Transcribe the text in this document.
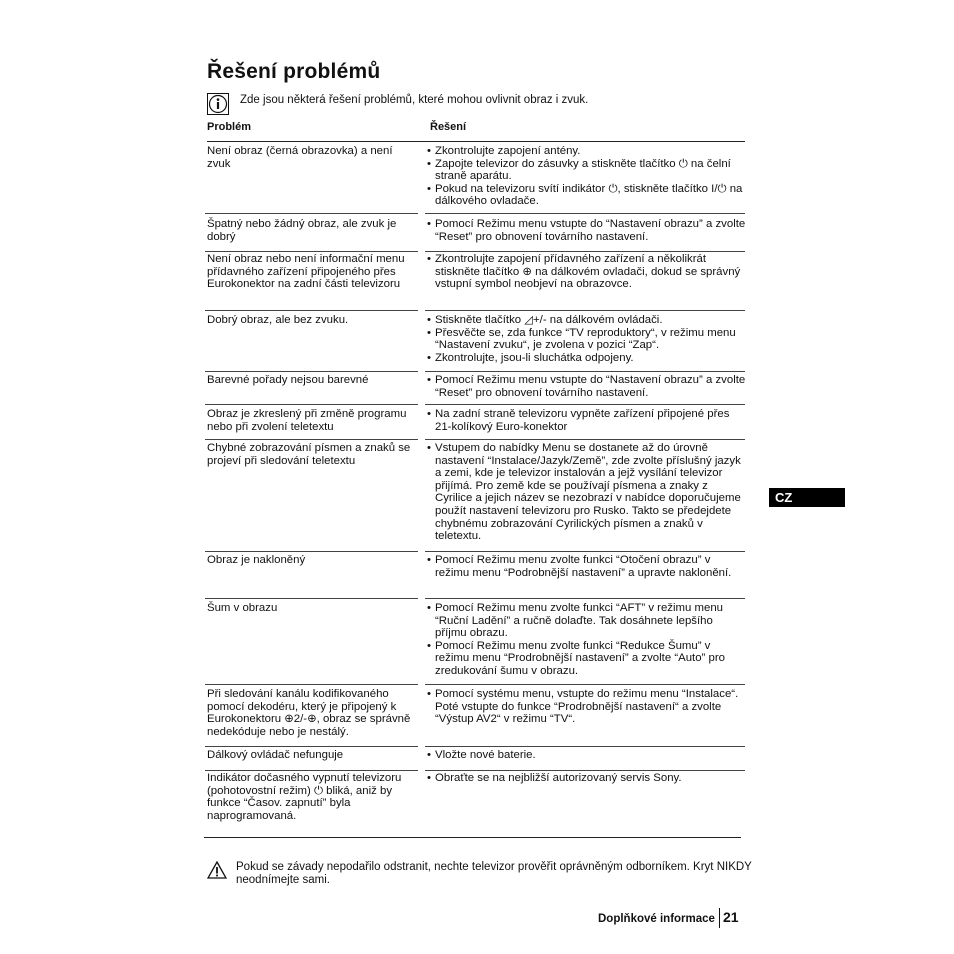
Řešení problémů
Zde jsou některá řešení problémů, které mohou ovlivnit obraz i zvuk.
Problém	Řešení
Není obraz (černá obrazovka) a není zvuk
• Zkontrolujte zapojení antény.
• Zapojte televizor do zásuvky a stiskněte tlačítko ⏻ na čelní straně aparátu.
• Pokud na televizoru svítí indikátor ⏻, stiskněte tlačítko I/⏻ na dálkového ovladače.
Špatný nebo žádný obraz, ale zvuk je dobrý
• Pomocí Režimu menu vstupte do “Nastavení obrazu” a zvolte “Reset” pro obnovení továrního nastavení.
Není obraz nebo není informační menu přídavného zařízení připojeného přes Eurokonektor na zadní části televizoru
• Zkontrolujte zapojení přídavného zařízení a několikrát stiskněte tlačítko ⊕ na dálkovém ovladači, dokud se správný vstupní symbol neobjeví na obrazovce.
Dobrý obraz, ale bez zvuku.	• Stiskněte tlačítko ◿+/- na dálkovém ovládači.
• Přesvěčte se, zda funkce “TV reproduktory“, v režimu menu “Nastavení zvuku“, je zvolena v pozici “Zap“.
• Zkontrolujte, jsou-li sluchátka odpojeny.
Barevné pořady nejsou barevné	• Pomocí Režimu menu vstupte do “Nastavení obrazu” a zvolte “Reset” pro obnovení továrního nastavení.
Obraz je zkreslený při změně programu nebo při zvolení teletextu
• Na zadní straně televizoru vypněte zařízení připojené přes 21-kolíkový Euro-konektor
Chybné zobrazování písmen a znaků se projeví při sledování teletextu
• Vstupem do nabídky Menu se dostanete až do úrovně nastavení “Instalace/Jazyk/Země”, zde zvolte příslušný jazyk a zemi, kde je televizor instalován a jejž vysílání televizor přijímá. Pro země kde se používají písmena a znaky z Cyrilice a jejich název se nezobrazí v nabídce doporučujeme použít nastavení televizoru pro Rusko. Takto se předejdete chybnému zobrazování Cyrilických písmen a znaků v teletextu.
Obraz je nakloněný	• Pomocí Režimu menu zvolte funkci “Otočení obrazu” v režimu menu “Podrobnější nastavení” a upravte naklonění.
Šum v obrazu	• Pomocí Režimu menu zvolte funkci “AFT” v režimu menu “Ruční Ladění” a ručně dolaďte. Tak dosáhnete lepšího příjmu obrazu.
• Pomocí Režimu menu zvolte funkci “Redukce Šumu” v režimu menu “Prodrobnější nastavení” a zvolte “Auto” pro zredukování šumu v obrazu.
Při sledování kanálu kodifikovaného pomocí dekodéru, který je připojený k Eurokonektoru ⊕2/-⊕, obraz se správně nedekóduje nebo je nestálý.
• Pomocí systému menu, vstupte do režimu menu “Instalace“. Poté vstupte do funkce “Prodrobnější nastavení“ a zvolte “Výstup AV2“ v režimu “TV“.
Dálkový ovládač nefunguje	• Vložte nové baterie.
Indikátor dočasného vypnutí televizoru (pohotovostní režim) ⏻ bliká, aniž by funkce “Časov. zapnutí” byla naprogramovaná.
• Obraťte se na nejbližší autorizovaný servis Sony.
CZ
Pokud se závady nepodařilo odstranit, nechte televizor prověřit oprávněným odborníkem. Kryt NIKDY neodnímejte sami.
Doplňkové informace 21
